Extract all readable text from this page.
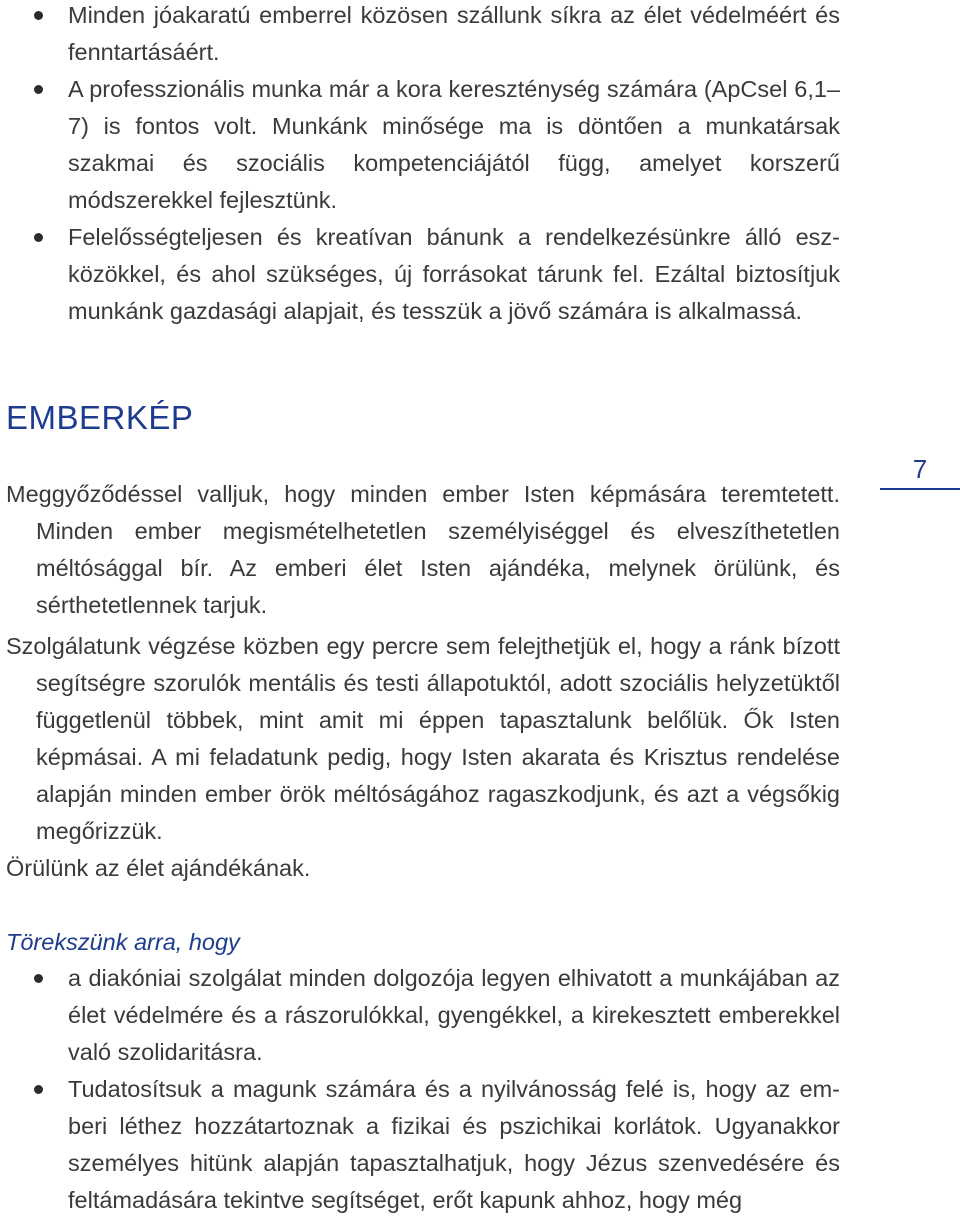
Minden jóakaratú emberrel közösen szállunk síkra az élet védelméért és fenntartásáért.
A professzionális munka már a kora kereszténység számára (ApCsel 6,1–7) is fontos volt. Munkánk minősége ma is döntően a munkatársak szakmai és szociális kompetenciájától függ, amelyet korszerű módszerekkel fejlesztünk.
Felelősségteljesen és kreatívan bánunk a rendelkezésünkre álló eszközökkel, és ahol szükséges, új forrásokat tárunk fel. Ezáltal biztosítjuk munkánk gazdasági alapjait, és tesszük a jövő számára is alkalmassá.
EMBERKÉP
7

Meggyőződéssel valljuk, hogy minden ember Isten képmására teremtetett. Minden ember megismételhetetlen személyiséggel és elveszíthetetlen méltósággal bír. Az emberi élet Isten ajándéka, melynek örülünk, és sérthetetlennek tarjuk.

Szolgálatunk végzése közben egy percre sem felejthetjük el, hogy a ránk bízott segítségre szorulók mentális és testi állapotuktól, adott szociális helyzetüktől függetlenül többek, mint amit mi éppen tapasztalunk belőlük. Ők Isten képmásai. A mi feladatunk pedig, hogy Isten akarata és Krisztus rendelése alapján minden ember örök méltóságához ragaszkodjunk, és azt a végsőkig megőrizzük.

Örülünk az élet ajándékának.

Törekszünk arra, hogy

a diakóniai szolgálat minden dolgozója legyen elhivatott a munkájában az élet védelmére és a rászorulókkal, gyengékkel, a kirekesztett emberekkel való szolidaritásra.
Tudatosítsuk a magunk számára és a nyilvánosság felé is, hogy az emberi léthez hozzátartoznak a fizikai és pszichikai korlátok. Ugyanakkor személyes hitünk alapján tapasztalhatjuk, hogy Jézus szenvedésére és feltámadására tekintve segítséget, erőt kapunk ahhoz, hogy még
